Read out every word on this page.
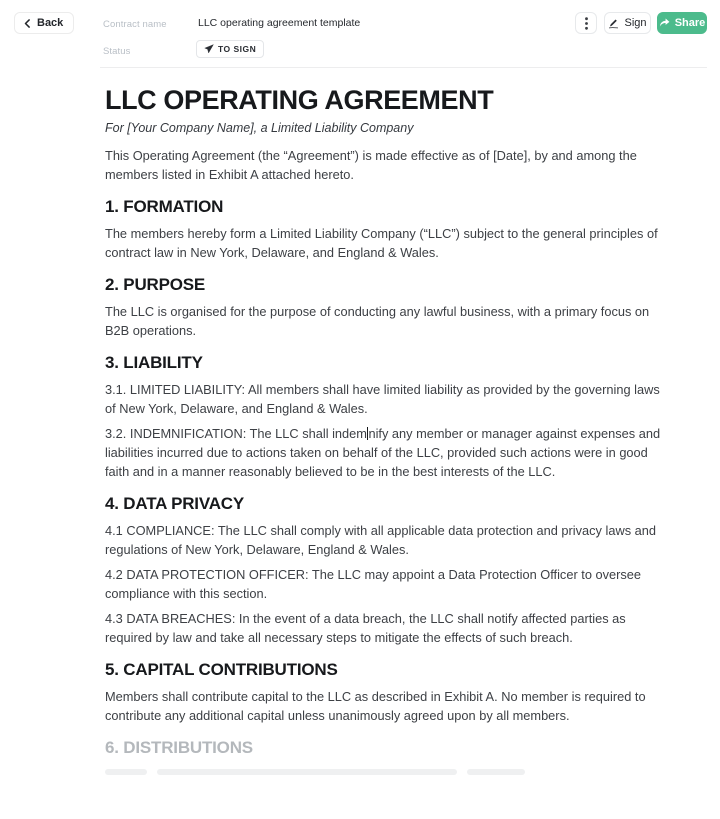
Back	Contract name	LLC operating agreement template
Status	TO SIGN
Sign	Share
LLC OPERATING AGREEMENT
For [Your Company Name], a Limited Liability Company

This Operating Agreement (the “Agreement”) is made effective as of [Date], by and among the members listed in Exhibit A attached hereto.

1. FORMATION

The members hereby form a Limited Liability Company (“LLC”) subject to the general principles of contract law in New York, Delaware, and England & Wales.

2. PURPOSE

The LLC is organised for the purpose of conducting any lawful business, with a primary focus on B2B operations.

3. LIABILITY

3.1. LIMITED LIABILITY: All members shall have limited liability as provided by the governing laws of New York, Delaware, and England & Wales.

3.2. INDEMNIFICATION: The LLC shall indem nify any member or manager against expenses and liabilities incurred due to actions taken on behalf of the LLC, provided such actions were in good faith and in a manner reasonably believed to be in the best interests of the LLC.

4. DATA PRIVACY

4.1 COMPLIANCE: The LLC shall comply with all applicable data protection and privacy laws and regulations of New York, Delaware, England & Wales.

4.2 DATA PROTECTION OFFICER: The LLC may appoint a Data Protection Officer to oversee compliance with this section.

4.3 DATA BREACHES: In the event of a data breach, the LLC shall notify affected parties as required by law and take all necessary steps to mitigate the effects of such breach.

5. CAPITAL CONTRIBUTIONS

Members shall contribute capital to the LLC as described in Exhibit A. No member is required to contribute any additional capital unless unanimously agreed upon by all members.

6. DISTRIBUTIONS
